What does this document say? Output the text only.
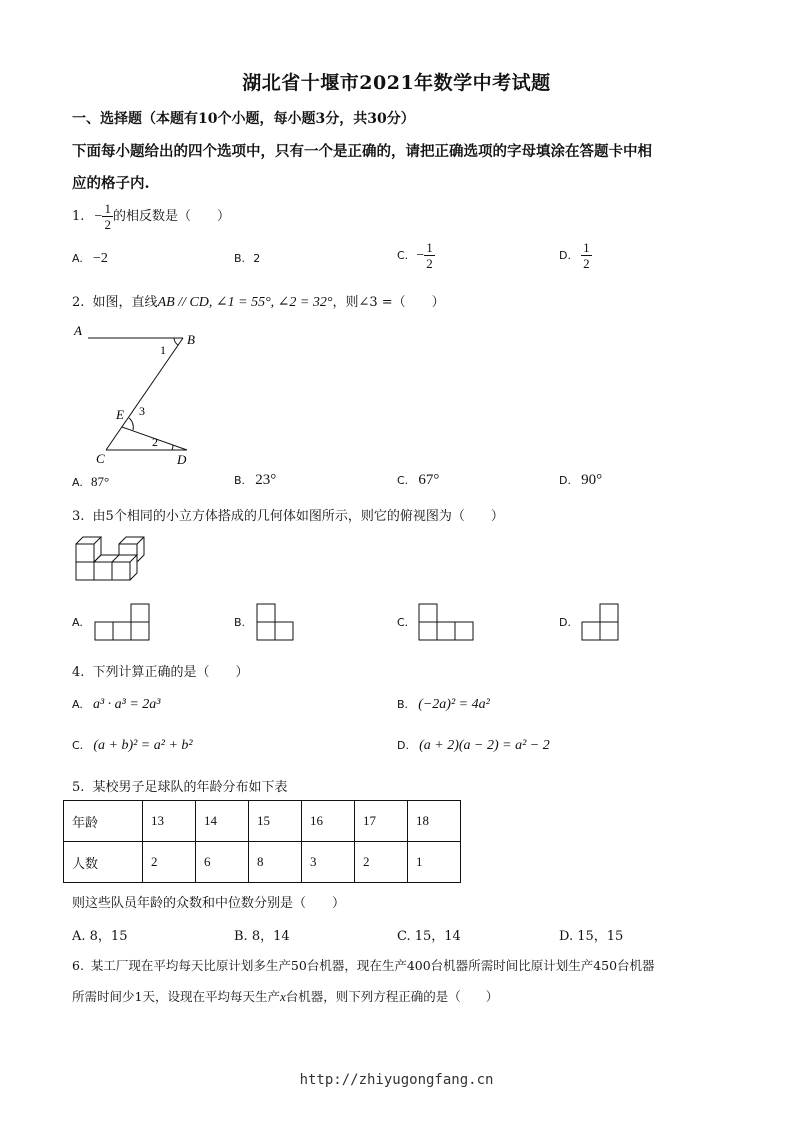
湖北省十堰市2021年数学中考试题
一、选择题（本题有10个小题，每小题3分，共30分）
下面每小题给出的四个选项中，只有一个是正确的，请把正确选项的字母填涂在答题卡中相
应的格子内.
1. − $\frac{1}{2}$ 的相反数是（　　）
A. −2	B. 2	C. − $\frac{1}{2}$	D. $\frac{1}{2}$
2. 如图，直线AB // CD, ∠1 = 55°, ∠2 = 32°，则∠3 =（　　）
A
B
C	D
E
1
2
3
A. 87°	B. 23°	C. 67°	D. 90°
3. 由5个相同的小立方体搭成的几何体如图所示，则它的俯视图为（　　）
A.	B.	C.	D.
4. 下列计算正确的是（　　）
A. a³ · a³ = 2a³	B. (−2a)² = 4a²
C. (a + b)² = a² + b²	D. (a + 2)(a − 2) = a² − 2
5. 某校男子足球队的年龄分布如下表
年龄	13	14	15	16	17	18
人数	2	6	8	3	2	1
则这些队员年龄的众数和中位数分别是（　　）
A. 8，15	B. 8，14	C. 15，14	D. 15，15
6. 某工厂现在平均每天比原计划多生产50台机器，现在生产400台机器所需时间比原计划生产450台机器
所需时间少1天，设现在平均每天生产x台机器，则下列方程正确的是（　　）
http://zhiyugongfang.cn
